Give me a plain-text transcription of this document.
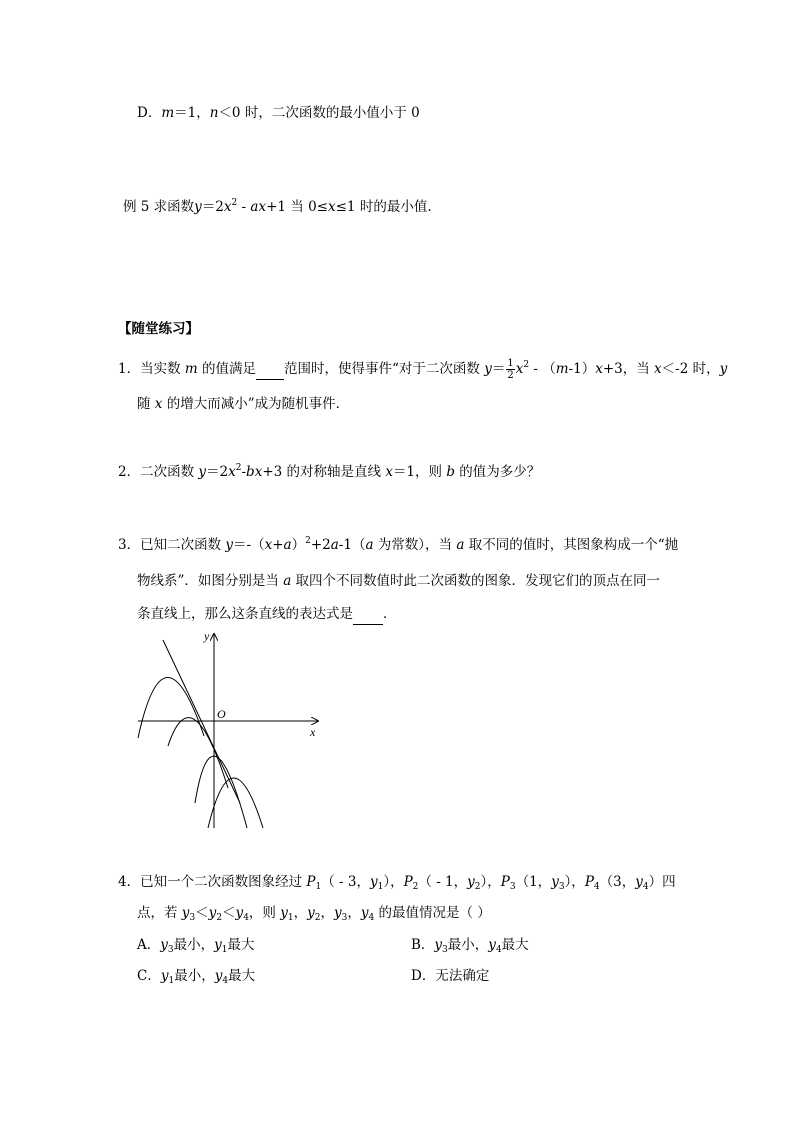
D．m＝1，n＜0 时，二次函数的最小值小于 0
例 5 求函数$y=2x^2 - ax+1$ 当 0≤x≤1 时的最小值.
【随堂练习】
1．当实数 m 的值满足 范围时，使得事件“对于二次函数 $y= \frac{1}{2} x^2 - (m-1)x+3$，当 x＜-2 时，y
随 x 的增大而减小”成为随机事件．
2．二次函数 $y=2x^2-bx+3$ 的对称轴是直线 x＝1，则 b 的值为多少？
3．已知二次函数 $y=-(x+a)^2+2a-1(a$ 为常数），当 a 取不同的值时，其图象构成一个“抛
物线系”．如图分别是当 a 取四个不同数值时此二次函数的图象．发现它们的顶点在同一
条直线上，那么这条直线的表达式是 ．
y
x
O
4．已知一个二次函数图象经过 $P_1( - 3$，$y_1$），$P_2( - 1$，$y_2$），$P_3(1$，$y_3$），$P_4(3$，$y_4$）四
点，若 $y_3<y_2<y_4$，则 $y_1$，$y_2$，$y_3$，$y_4$ 的最值情况是（ ）
A．$y_3$最小，$y_1$最大	B．$y_3$最小，$y_4$最大
C．$y_1$最小，$y_4$最大	D．无法确定
